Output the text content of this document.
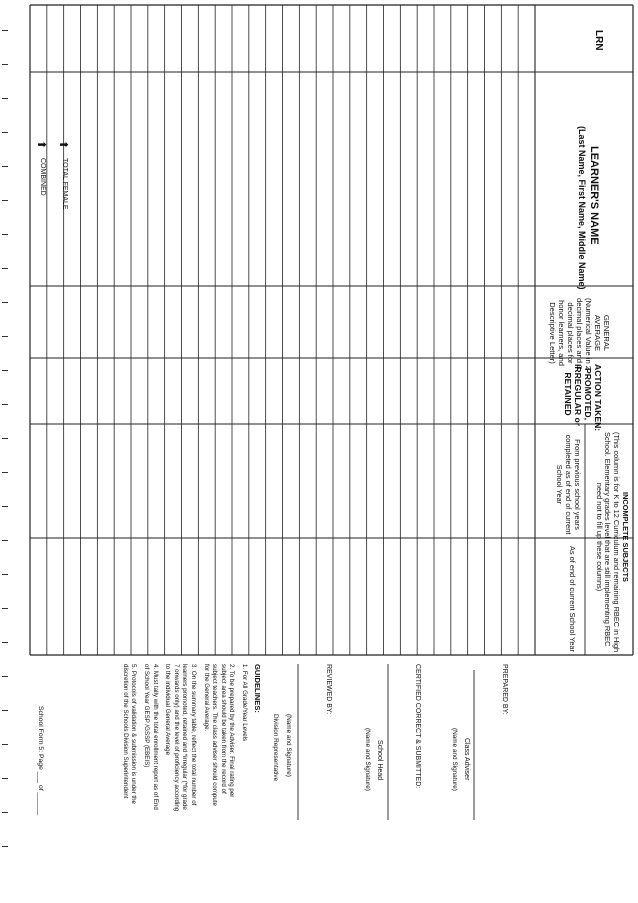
LRN
LEARNER'S NAME
(Last Name, First Name, Middle Name)
GENERAL
AVERAGE
(Numerical Value in 2
decimal places and 3
decimal places for
honor learners, and
Descriptive Letter)
ACTION TAKEN:
PROMOTED,
IRREGULAR or
RETAINED
INCOMPLETE SUBJECTS
(This column is for K to 12 Curriculum and remaining RBEC in High
School. Elementary grades level that are still implementing RBEC
need not to fill up these columns)
From previous school years
completed as of end of current
School Year
As of end of current School Year
⬆
TOTAL FEMALE
⬆
COMBINED
PREPARED BY:
Class Adviser
(Name and Signature)
CERTIFIED CORRECT & SUBMITTED:
School Head
(Name and Signature)
REVIEWED BY:
(Name and Signature)
Division Representative
GUIDELINES:
1. For All Grade/Year Levels
2. To be prepared by the Adviser. Final rating per
subject area should be taken from the record of
subject teachers. The class adviser should compute
for the General Average.
3. On the summary table, reflect the total number of
learners promoted, retained and *irregular (*for grade
7 onwards only) and the level of proficiency according
to the individual General Average
4. Must tally with the total enrollment report as of End
of School Year GESP /GSSP (EBEIS)
5. Protocols of validation & submission is under the
discretion of the Schools Division Superintendent
School Form 5: Page ___ of ______
